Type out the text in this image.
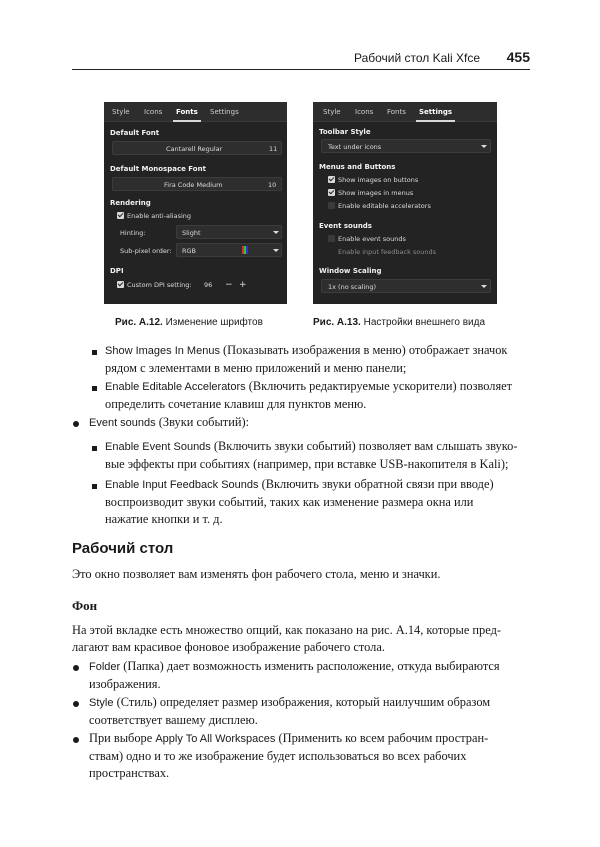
Рабочий стол Kali Xfce 455
Style Icons Fonts Settings
Default Font
Cantarell Regular	11
Default Monospace Font
Fira Code Medium	10
Rendering
Enable anti-aliasing
Hinting:	Slight
Sub-pixel order: RGB
DPI
Custom DPI setting: 96 − +
Style Icons Fonts Settings
Toolbar Style
Text under icons
Menus and Buttons
Show images on buttons
Show images in menus
Enable editable accelerators
Event sounds
Enable event sounds
Enable input feedback sounds
Window Scaling
1x (no scaling)
Рис. А.12. Изменение шрифтов	Рис. А.13. Настройки внешнего вида
Show Images In Menus (Показывать изображения в меню) отображает значок
рядом с элементами в меню приложений и меню панели;
Enable Editable Accelerators (Включить редактируемые ускорители) позволяет
определить сочетание клавиш для пунктов меню.
Event sounds (Звуки событий):
Enable Event Sounds (Включить звуки событий) позволяет вам слышать звуко-
вые эффекты при событиях (например, при вставке USB-накопителя в Kali);
Enable Input Feedback Sounds (Включить звуки обратной связи при вводе)
воспроизводит звуки событий, таких как изменение размера окна или
нажатие кнопки и т. д.
Рабочий стол
Это окно позволяет вам изменять фон рабочего стола, меню и значки.
Фон
На этой вкладке есть множество опций, как показано на рис. А.14, которые пред-
лагают вам красивое фоновое изображение рабочего стола.
Folder (Папка) дает возможность изменить расположение, откуда выбираются
изображения.
Style (Стиль) определяет размер изображения, который наилучшим образом
соответствует вашему дисплею.
При выборе Apply To All Workspaces (Применить ко всем рабочим простран-
ствам) одно и то же изображение будет использоваться во всех рабочих
пространствах.
